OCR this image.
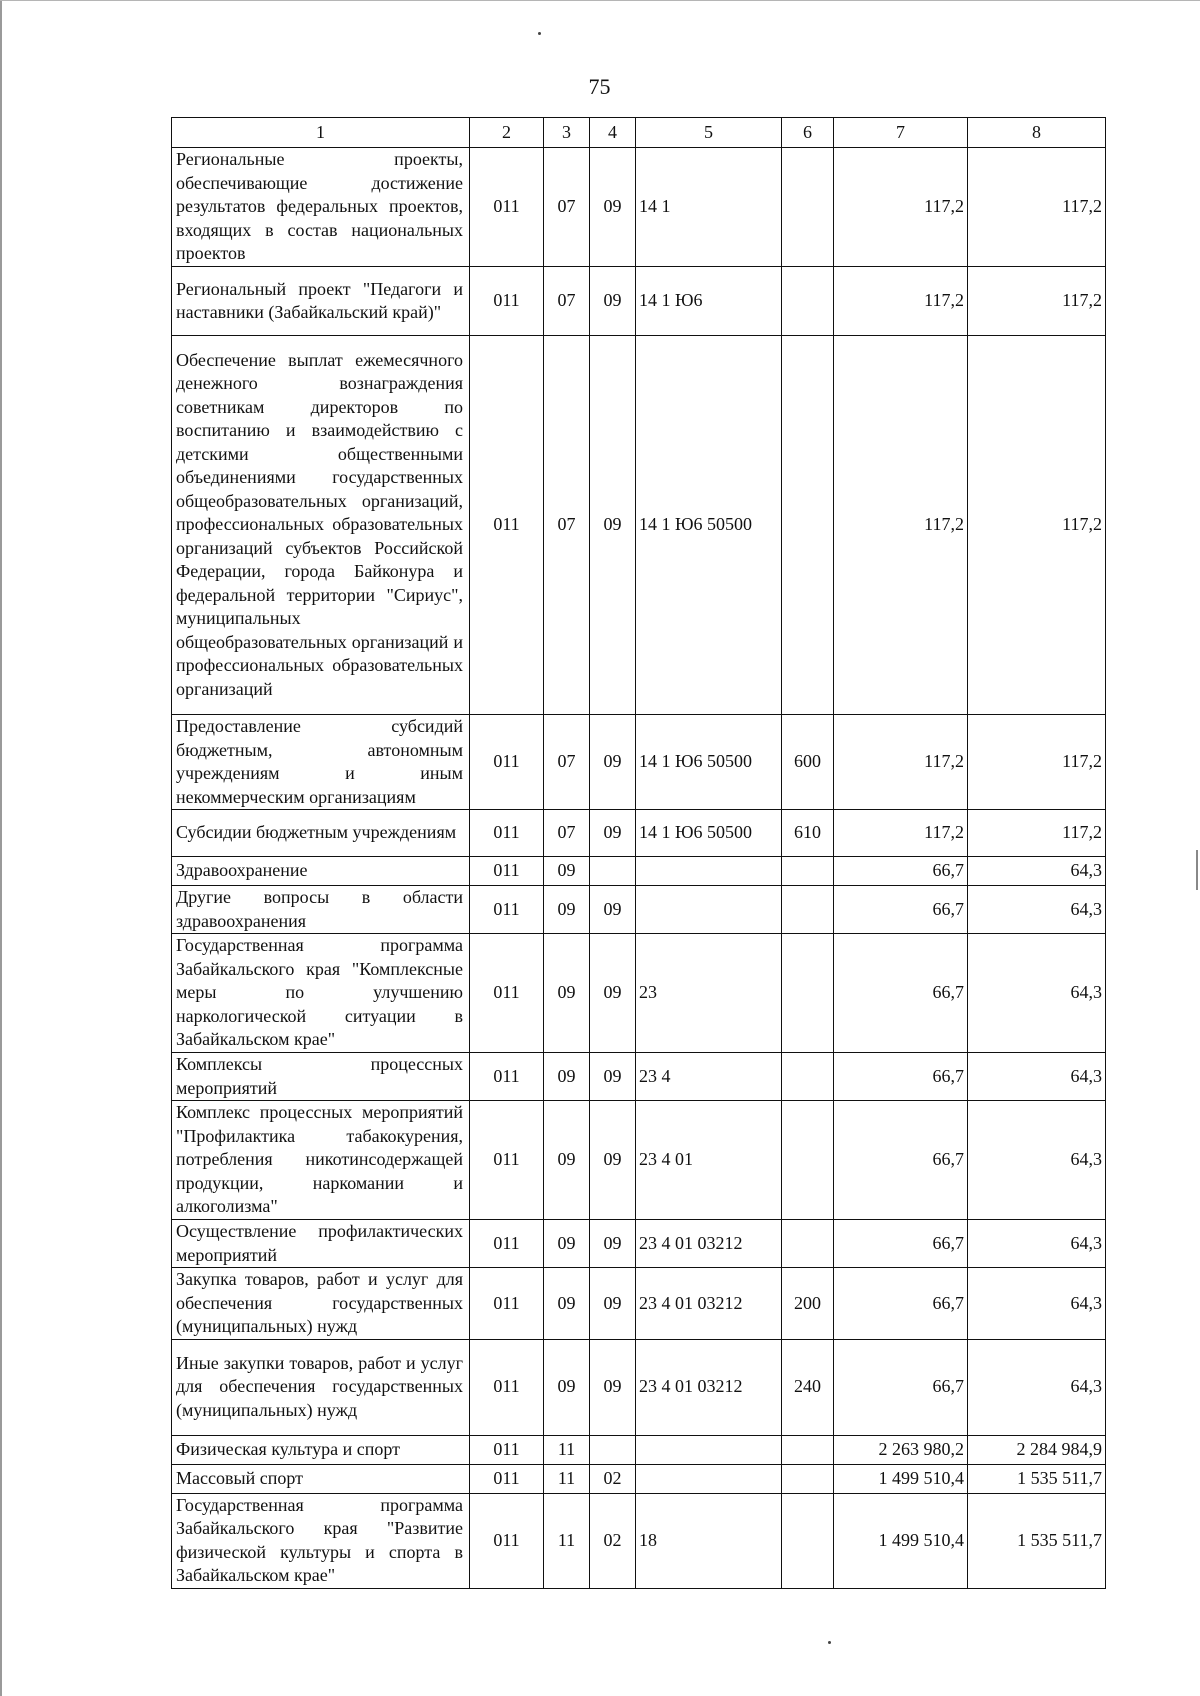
75
1	2	3	4	5	6	7	8
Региональные проекты, обеспечивающие достижение результатов федеральных проектов, входящих в состав национальных проектов	011	07	09	14 1		117,2	117,2
Региональный проект "Педагоги и наставники (Забайкальский край)"	011	07	09	14 1 Ю6		117,2	117,2
Обеспечение выплат ежемесячного денежного вознаграждения советникам директоров по воспитанию и взаимодействию с детскими общественными объединениями государственных общеобразовательных организаций, профессиональных образовательных организаций субъектов Российской Федерации, города Байконура и федеральной территории "Сириус", муниципальных общеобразовательных организаций и профессиональных образовательных организаций	011	07	09	14 1 Ю6 50500		117,2	117,2
Предоставление субсидий бюджетным, автономным учреждениям и иным некоммерческим организациям	011	07	09	14 1 Ю6 50500	600	117,2	117,2
Субсидии бюджетным учреждениям	011	07	09	14 1 Ю6 50500	610	117,2	117,2
Здравоохранение	011	09				66,7	64,3
Другие вопросы в области здравоохранения	011	09	09			66,7	64,3
Государственная программа Забайкальского края "Комплексные меры по улучшению наркологической ситуации в Забайкальском крае"	011	09	09	23		66,7	64,3
Комплексы процессных мероприятий	011	09	09	23 4		66,7	64,3
Комплекс процессных мероприятий "Профилактика табакокурения, потребления никотинсодержащей продукции, наркомании и алкоголизма"	011	09	09	23 4 01		66,7	64,3
Осуществление профилактических мероприятий	011	09	09	23 4 01 03212		66,7	64,3
Закупка товаров, работ и услуг для обеспечения государственных (муниципальных) нужд	011	09	09	23 4 01 03212	200	66,7	64,3
Иные закупки товаров, работ и услуг для обеспечения государственных (муниципальных) нужд	011	09	09	23 4 01 03212	240	66,7	64,3
Физическая культура и спорт	011	11				2 263 980,2	2 284 984,9
Массовый спорт	011	11	02			1 499 510,4	1 535 511,7
Государственная программа Забайкальского края "Развитие физической культуры и спорта в Забайкальском крае"	011	11	02	18		1 499 510,4	1 535 511,7
